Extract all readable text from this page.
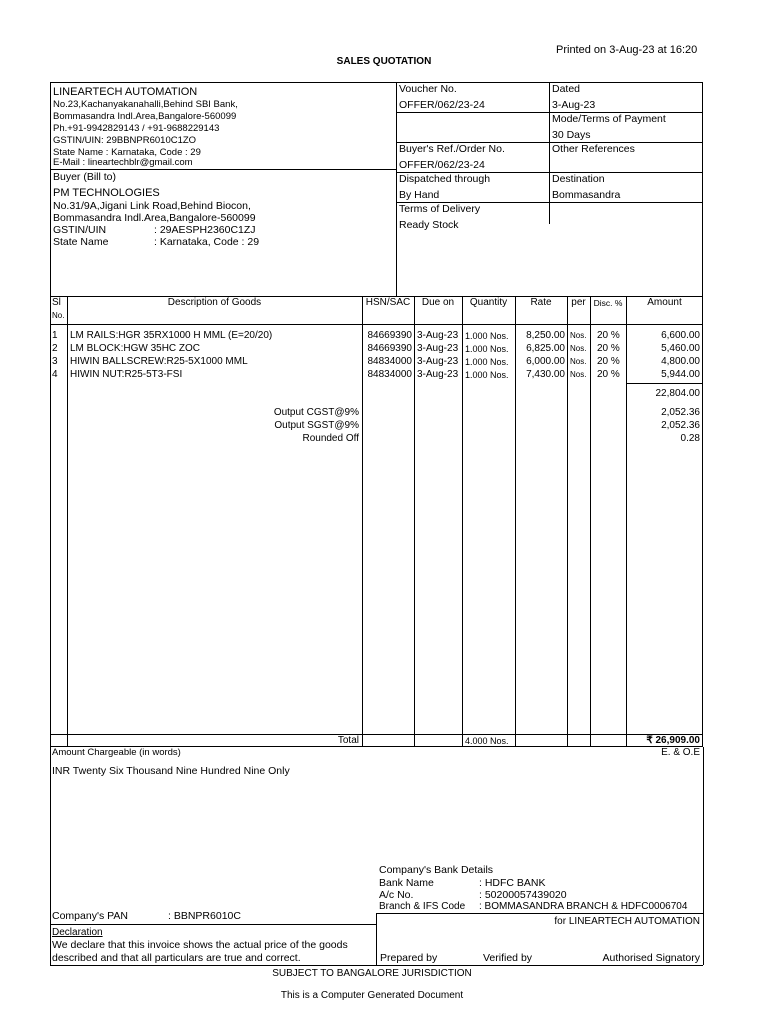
Printed on 3-Aug-23 at 16:20
SALES QUOTATION
LINEARTECH AUTOMATION
No.23,Kachanyakanahalli,Behind SBI Bank,
Bommasandra Indl.Area,Bangalore-560099
Ph.+91-9942829143 / +91-9688229143
GSTIN/UIN: 29BBNPR6010C1ZO
State Name : Karnataka, Code : 29
E-Mail : lineartechblr@gmail.com
Buyer (Bill to)
PM TECHNOLOGIES
No.31/9A,Jigani Link Road,Behind Biocon,
Bommasandra Indl.Area,Bangalore-560099
GSTIN/UIN	: 29AESPH2360C1ZJ
State Name	: Karnataka, Code : 29
Voucher No.
OFFER/062/23-24
Dated
3-Aug-23
Mode/Terms of Payment
30 Days
Buyer's Ref./Order No.
OFFER/062/23-24
Other References
Dispatched through
By Hand
Destination
Bommasandra
Terms of Delivery
Ready Stock
Sl
No.
Description of Goods	HSN/SAC	Due on	Quantity	Rate	per Disc. %	Amount
1 LM RAILS:HGR 35RX1000 H MML (E=20/20)	84669390 3-Aug-23 1.000 Nos.	8,250.00 Nos. 20 %	6,600.00
2 LM BLOCK:HGW 35HC ZOC	84669390 3-Aug-23 1.000 Nos.	6,825.00 Nos. 20 %	5,460.00
3 HIWIN BALLSCREW:R25-5X1000 MML	84834000 3-Aug-23 1.000 Nos.	6,000.00 Nos. 20 %	4,800.00
4 HIWIN NUT:R25-5T3-FSI	84834000 3-Aug-23 1.000 Nos.	7,430.00 Nos. 20 %	5,944.00
22,804.00
Output CGST@9%	2,052.36
Output SGST@9%	2,052.36
Rounded Off	0.28
Total	4.000 Nos.	₹ 26,909.00
Amount Chargeable (in words)	E. & O.E
INR Twenty Six Thousand Nine Hundred Nine Only
Company's Bank Details
Bank Name	: HDFC BANK
A/c No.	: 50200057439020
Branch & IFS Code : BOMMASANDRA BRANCH & HDFC0006704
Company's PAN	: BBNPR6010C	for LINEARTECH AUTOMATION
Declaration
We declare that this invoice shows the actual price of the goods
described and that all particulars are true and correct.	Prepared by	Verified by	Authorised Signatory
SUBJECT TO BANGALORE JURISDICTION
This is a Computer Generated Document
